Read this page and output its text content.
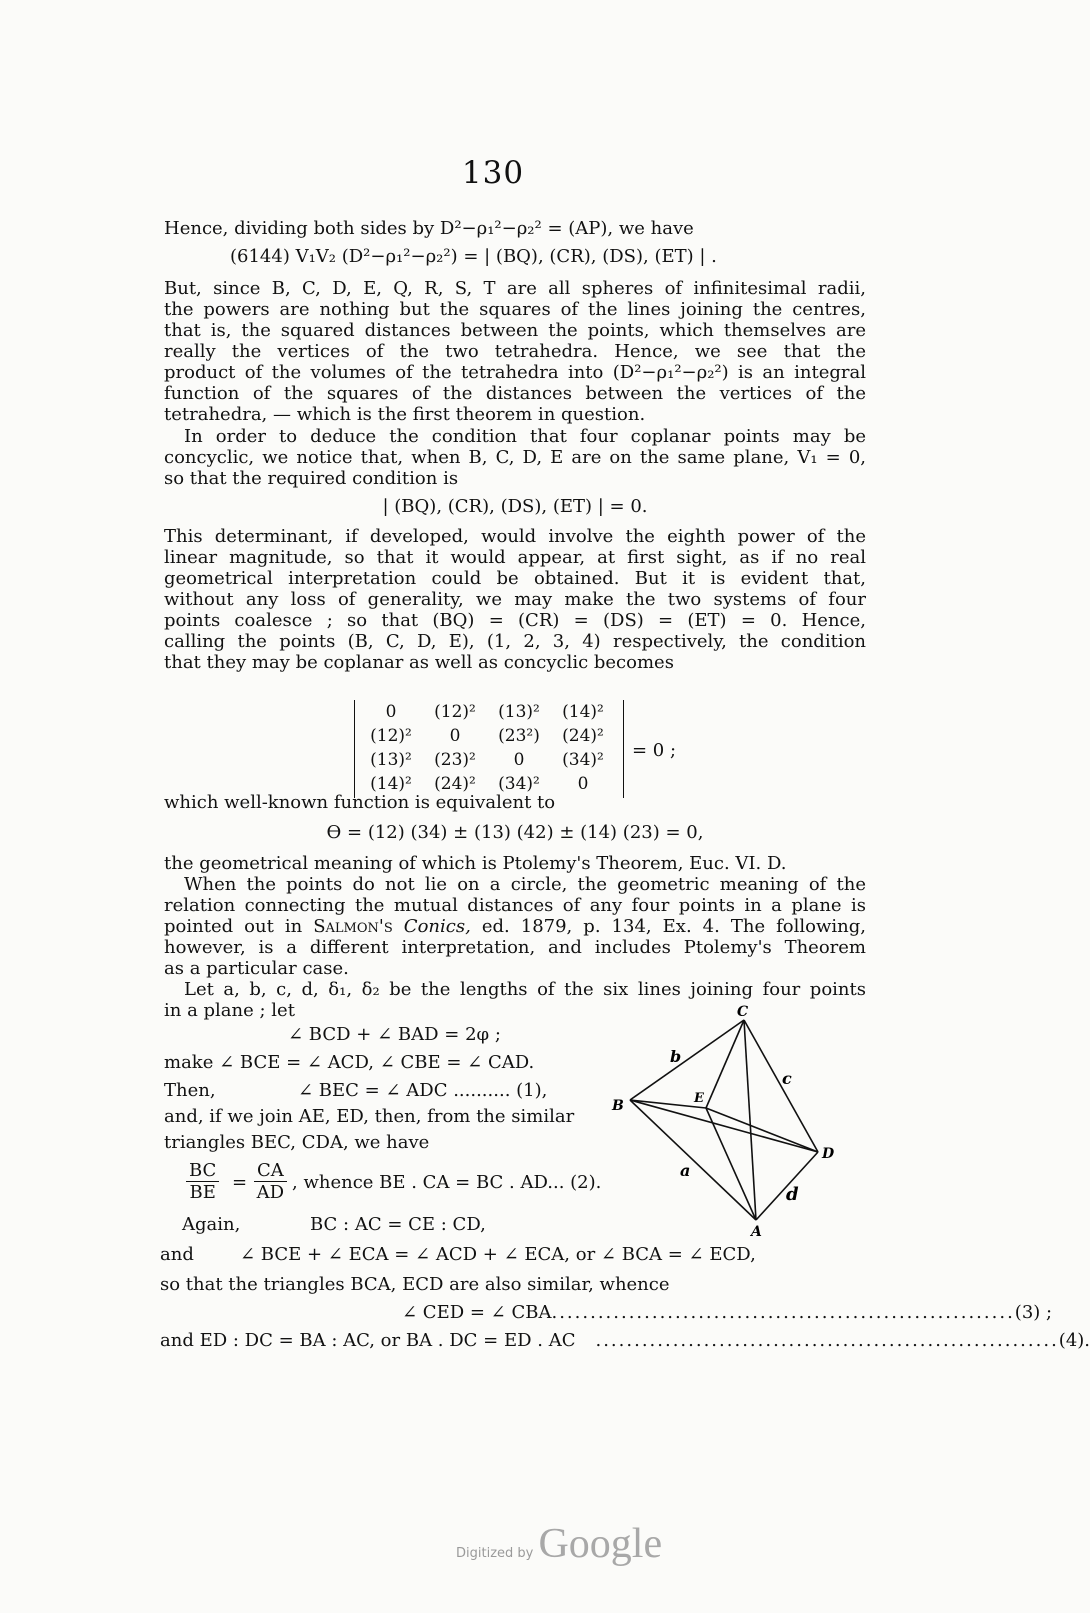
130
Hence, dividing both sides by D²−ρ₁²−ρ₂² = (AP), we have
(6144) V₁V₂ (D²−ρ₁²−ρ₂²) = | (BQ), (CR), (DS), (ET) | .
But, since B, C, D, E, Q, R, S, T are all spheres of infinitesimal radii,
the powers are nothing but the squares of the lines joining the centres,
that is, the squared distances between the points, which themselves are
really the vertices of the two tetrahedra. Hence, we see that the
product of the volumes of the tetrahedra into (D²−ρ₁²−ρ₂²) is an integral
function of the squares of the distances between the vertices of the
tetrahedra, — which is the first theorem in question.
In order to deduce the condition that four coplanar points may be
concyclic, we notice that, when B, C, D, E are on the same plane, V₁ = 0,
so that the required condition is
| (BQ), (CR), (DS), (ET) | = 0.
This determinant, if developed, would involve the eighth power of the
linear magnitude, so that it would appear, at first sight, as if no real
geometrical interpretation could be obtained. But it is evident that,
without any loss of generality, we may make the two systems of four
points coalesce ; so that (BQ) = (CR) = (DS) = (ET) = 0. Hence,
calling the points (B, C, D, E), (1, 2, 3, 4) respectively, the condition
that they may be coplanar as well as concyclic becomes
0	(12)²	(13)²	(14)²
(12)²	0	(23²)	(24)²
(13)²	(23)²	0	(34)²
(14)²	(24)²	(34)²	0
= 0 ;
which well-known function is equivalent to
ϴ = (12) (34) ± (13) (42) ± (14) (23) = 0,
the geometrical meaning of which is Ptolemy's Theorem, Euc. VI. D.
When the points do not lie on a circle, the geometric meaning of the
relation connecting the mutual distances of any four points in a plane is
pointed out in Salmon's Conics, ed. 1879, p. 134, Ex. 4. The following,
however, is a different interpretation, and includes Ptolemy's Theorem
as a particular case.
Let a, b, c, d, δ₁, δ₂ be the lengths of the six lines joining four points
in a plane ; let
∠ BCD + ∠ BAD = 2φ ;
make ∠ BCE = ∠ ACD, ∠ CBE = ∠ CAD.
Then,	∠ BEC = ∠ ADC .......... (1),
and, if we join AE, ED, then, from the similar
triangles BEC, CDA, we have
$\frac{BC}{BE} = \frac{CA}{AD}$ , whence BE . CA = BC . AD... (2).
Again,	BC : AC = CE : CD,
and	∠ BCE + ∠ ECA = ∠ ACD + ∠ ECA, or ∠ BCA = ∠ ECD,
so that the triangles BCA, ECD are also similar, whence
∠ CED = ∠ CBA ............................................................ (3) ;
and ED : DC = BA : AC, or BA . DC = ED . AC ............................................................ (4).
C
B	E
D
A
a
b
c
d
Digitized by Google
